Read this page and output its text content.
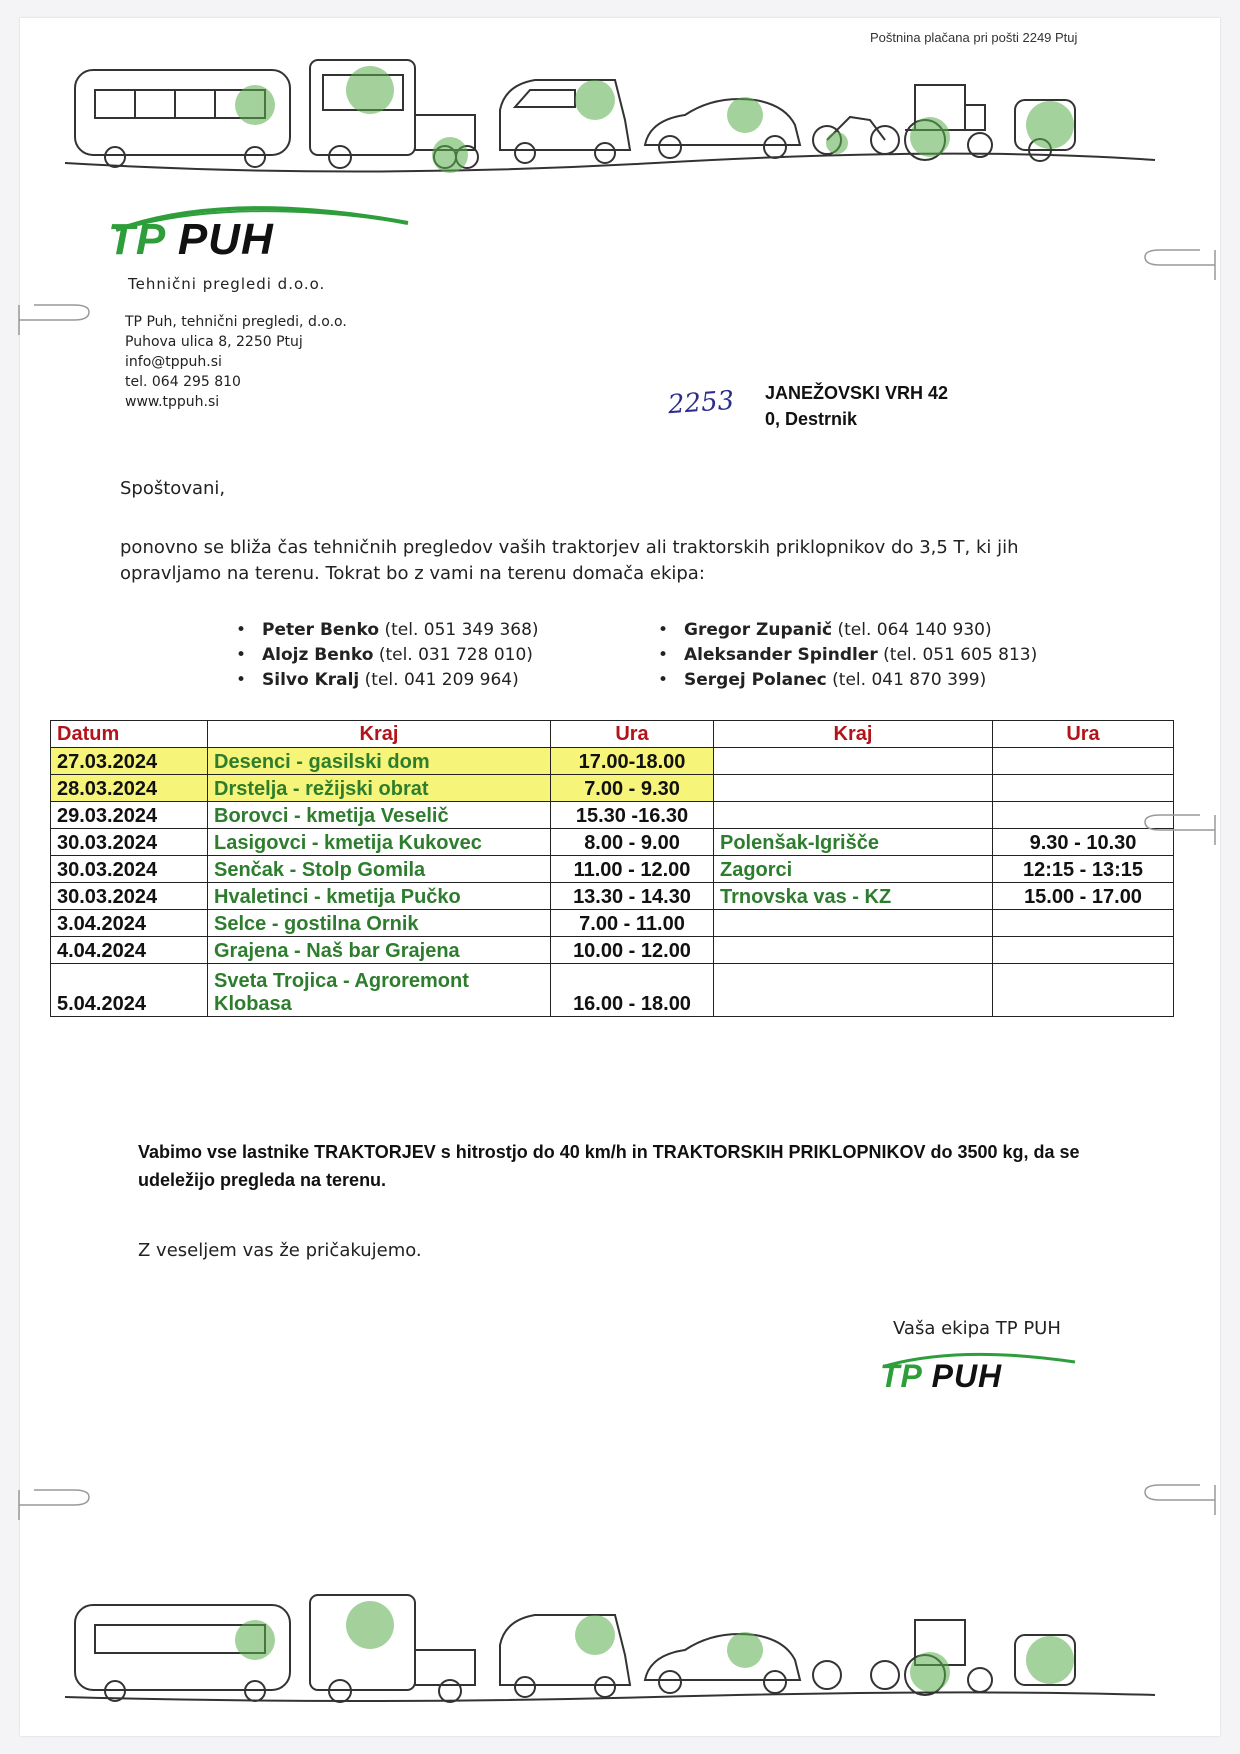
Poštnina plačana pri pošti 2249 Ptuj
TP PUH
Tehnični pregledi d.o.o.
TP Puh, tehnični pregledi, d.o.o.
Puhova ulica 8, 2250 Ptuj
info@tppuh.si
tel. 064 295 810
www.tppuh.si	2253 JANEŽOVSKI VRH 42
0, Destrnik
Spoštovani,
ponovno se bliža čas tehničnih pregledov vaših traktorjev ali traktorskih priklopnikov do 3,5 T, ki jih opravljamo na terenu. Tokrat bo z vami na terenu domača ekipa:
• Peter Benko (tel. 051 349 368)
• Alojz Benko (tel. 031 728 010)
• Silvo Kralj (tel. 041 209 964)
• Gregor Zupanič (tel. 064 140 930)
• Aleksander Spindler (tel. 051 605 813)
• Sergej Polanec (tel. 041 870 399)
Datum	Kraj	Ura	Kraj	Ura
27.03.2024	Desenci - gasilski dom	17.00-18.00		
28.03.2024	Drstelja - režijski obrat	7.00 - 9.30		
29.03.2024	Borovci - kmetija Veselič	15.30 -16.30		
30.03.2024	Lasigovci - kmetija Kukovec	8.00 - 9.00	Polenšak-Igrišče	9.30 - 10.30
30.03.2024	Senčak - Stolp Gomila	11.00 - 12.00	Zagorci	12:15 - 13:15
30.03.2024	Hvaletinci - kmetija Pučko	13.30 - 14.30	Trnovska vas - KZ	15.00 - 17.00
3.04.2024	Selce - gostilna Ornik	7.00 - 11.00		
4.04.2024	Grajena - Naš bar Grajena	10.00 - 12.00		
5.04.2024	Sveta Trojica - Agroremont Klobasa	16.00 - 18.00		
Vabimo vse lastnike TRAKTORJEV s hitrostjo do 40 km/h in TRAKTORSKIH PRIKLOPNIKOV do 3500 kg, da se udeležijo pregleda na terenu.
Z veseljem vas že pričakujemo.
Vaša ekipa TP PUH
TP PUH
